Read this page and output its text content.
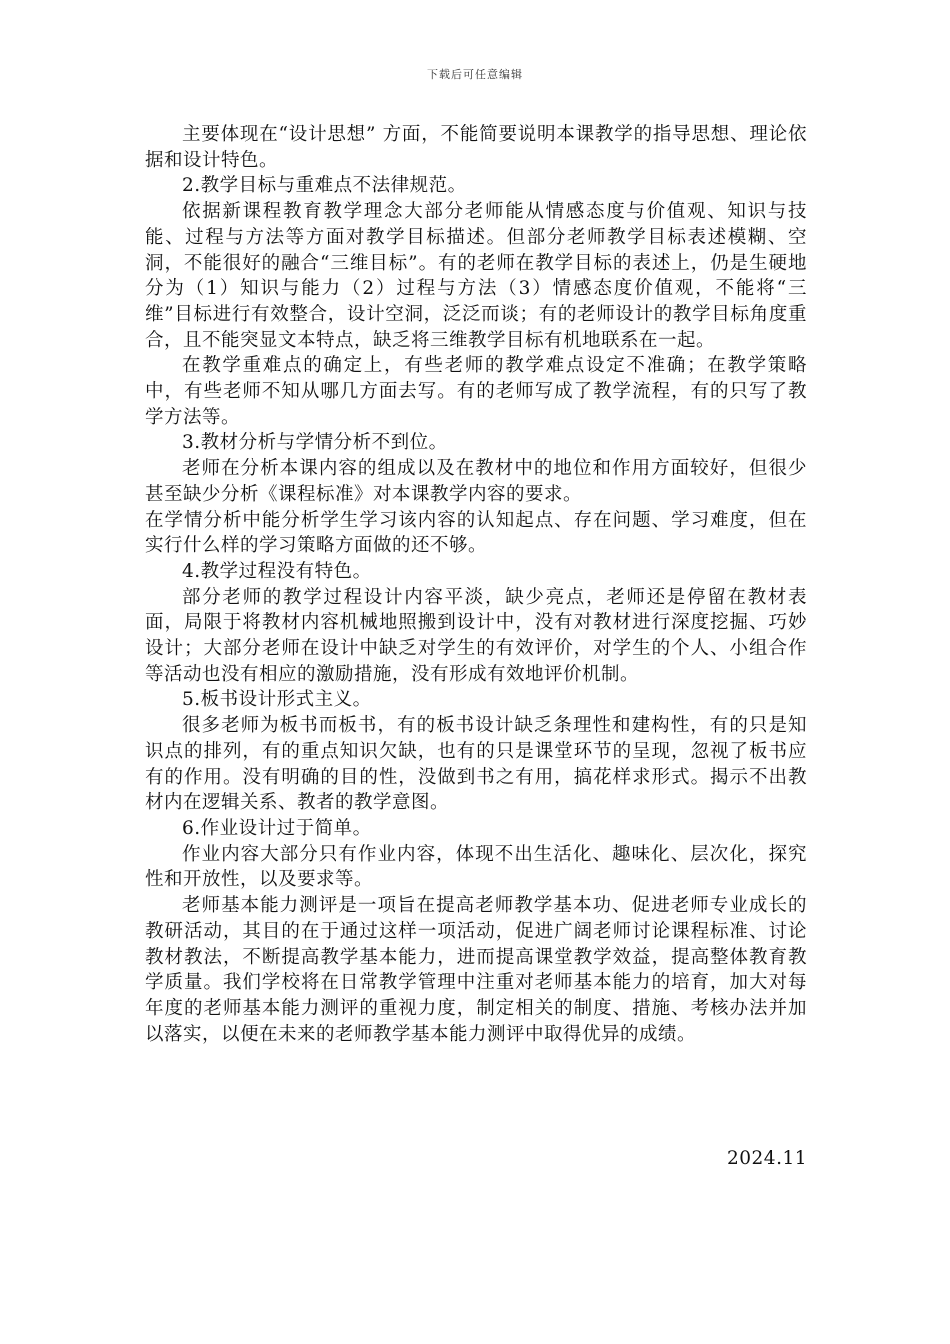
下载后可任意编辑

主要体现在“设计思想” 方面，不能简要说明本课教学的指导思想、理论依据和设计特色。

2.教学目标与重难点不法律规范。

依据新课程教育教学理念大部分老师能从情感态度与价值观、知识与技能、过程与方法等方面对教学目标描述。但部分老师教学目标表述模糊、空洞，不能很好的融合“三维目标”。有的老师在教学目标的表述上，仍是生硬地分为（1）知识与能力（2）过程与方法（3）情感态度价值观，不能将“三维”目标进行有效整合，设计空洞，泛泛而谈；有的老师设计的教学目标角度重合，且不能突显文本特点，缺乏将三维教学目标有机地联系在一起。

在教学重难点的确定上，有些老师的教学难点设定不准确；在教学策略中，有些老师不知从哪几方面去写。有的老师写成了教学流程，有的只写了教学方法等。

3.教材分析与学情分析不到位。

老师在分析本课内容的组成以及在教材中的地位和作用方面较好，但很少甚至缺少分析《课程标准》对本课教学内容的要求。

在学情分析中能分析学生学习该内容的认知起点、存在问题、学习难度，但在实行什么样的学习策略方面做的还不够。

4.教学过程没有特色。

部分老师的教学过程设计内容平淡，缺少亮点，老师还是停留在教材表面，局限于将教材内容机械地照搬到设计中，没有对教材进行深度挖掘、巧妙设计；大部分老师在设计中缺乏对学生的有效评价，对学生的个人、小组合作等活动也没有相应的激励措施，没有形成有效地评价机制。

5.板书设计形式主义。

很多老师为板书而板书，有的板书设计缺乏条理性和建构性，有的只是知识点的排列，有的重点知识欠缺，也有的只是课堂环节的呈现，忽视了板书应有的作用。没有明确的目的性，没做到书之有用，搞花样求形式。揭示不出教材内在逻辑关系、教者的教学意图。

6.作业设计过于简单。

作业内容大部分只有作业内容，体现不出生活化、趣味化、层次化，探究性和开放性，以及要求等。

老师基本能力测评是一项旨在提高老师教学基本功、促进老师专业成长的教研活动，其目的在于通过这样一项活动，促进广阔老师讨论课程标准、讨论教材教法，不断提高教学基本能力，进而提高课堂教学效益，提高整体教育教学质量。我们学校将在日常教学管理中注重对老师基本能力的培育，加大对每年度的老师基本能力测评的重视力度，制定相关的制度、措施、考核办法并加以落实，以便在未来的老师教学基本能力测评中取得优异的成绩。

2024.11
